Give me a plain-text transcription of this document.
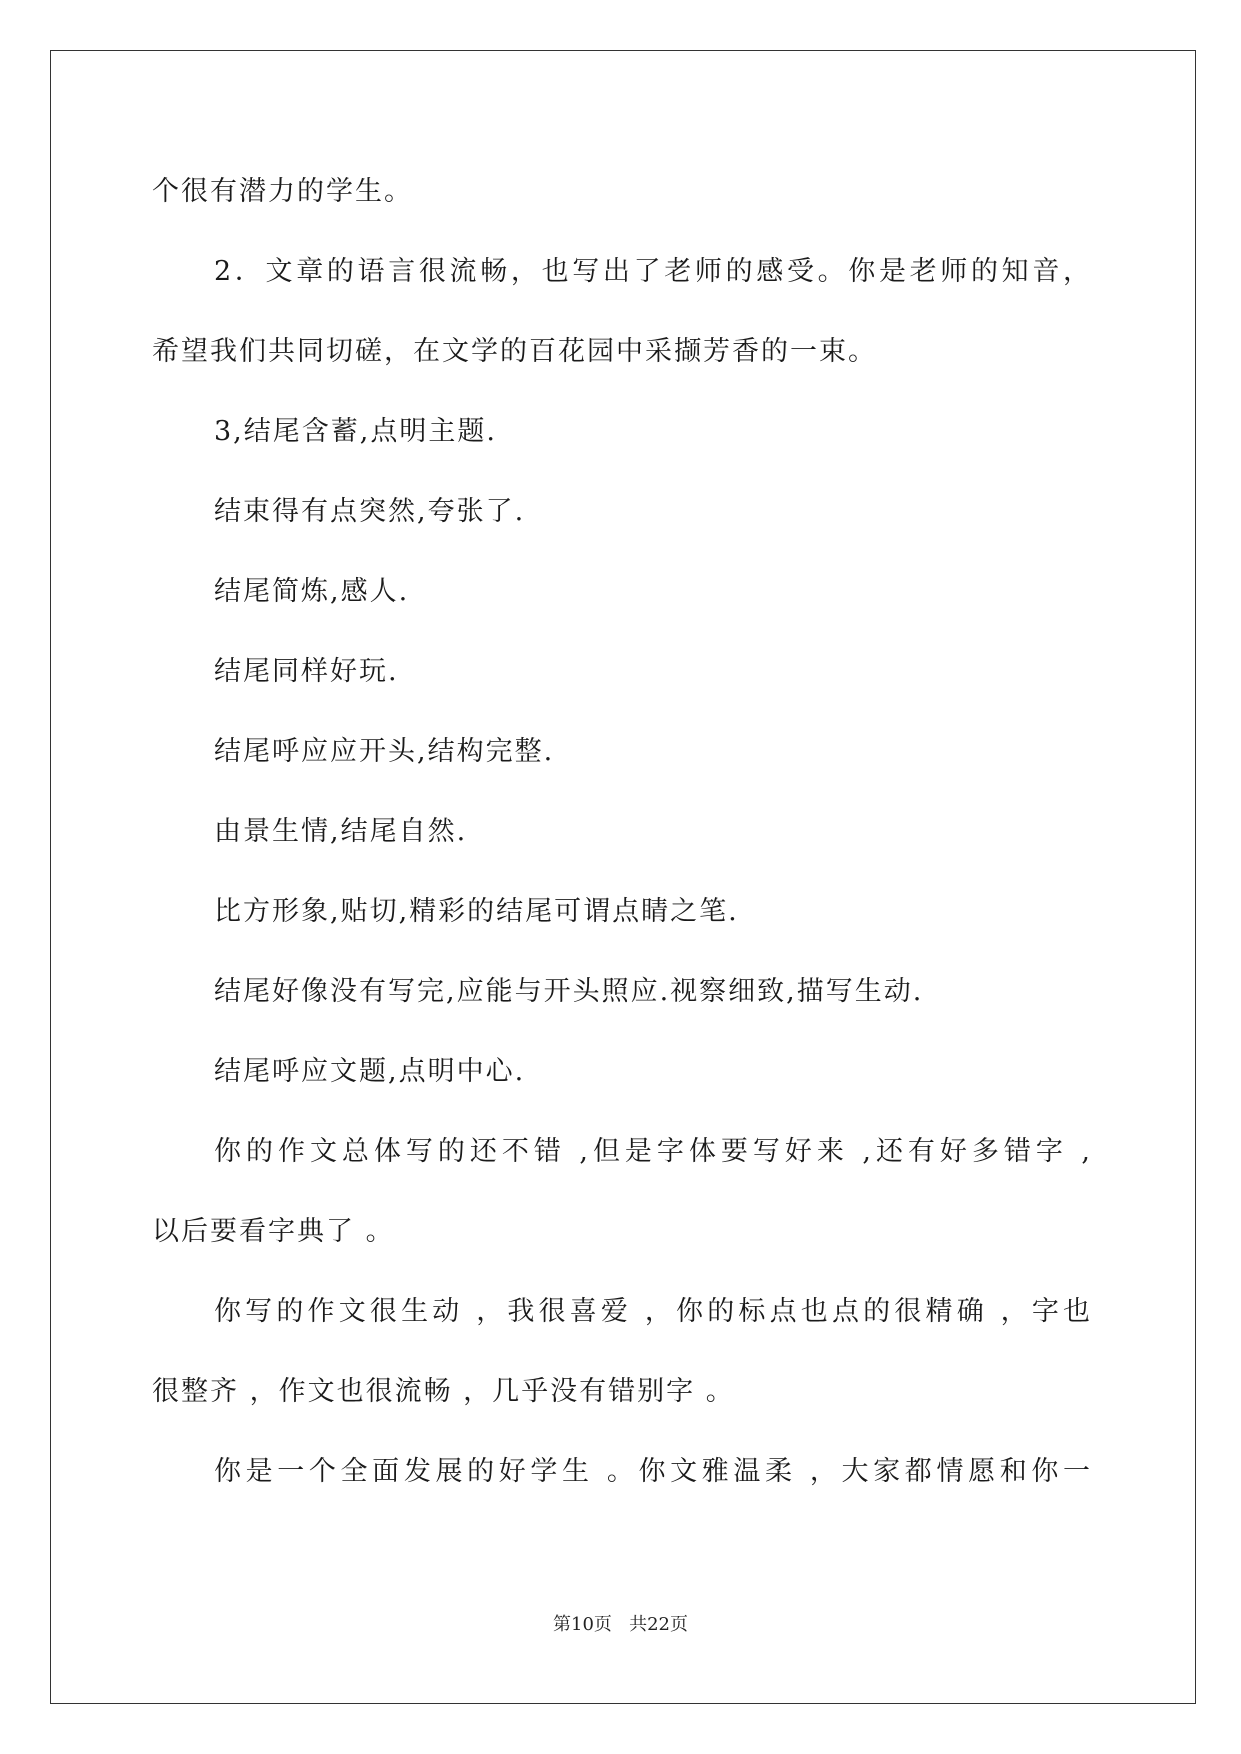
个很有潜力的学生。
2．文章的语言很流畅，也写出了老师的感受。你是老师的知音，
希望我们共同切磋，在文学的百花园中采撷芳香的一束。
3,结尾含蓄,点明主题.
结束得有点突然,夸张了.
结尾简炼,感人.
结尾同样好玩.
结尾呼应应开头,结构完整.
由景生情,结尾自然.
比方形象,贴切,精彩的结尾可谓点睛之笔.
结尾好像没有写完,应能与开头照应.视察细致,描写生动.
结尾呼应文题,点明中心.
你的作文总体写的还不错 ,但是字体要写好来 ,还有好多错字 ,
以后要看字典了 。
你写的作文很生动 ，我很喜爱 ，你的标点也点的很精确 ，字也
很整齐 ，作文也很流畅 ，几乎没有错别字 。
你是一个全面发展的好学生 。你文雅温柔 ，大家都情愿和你一
第10页   共22页
